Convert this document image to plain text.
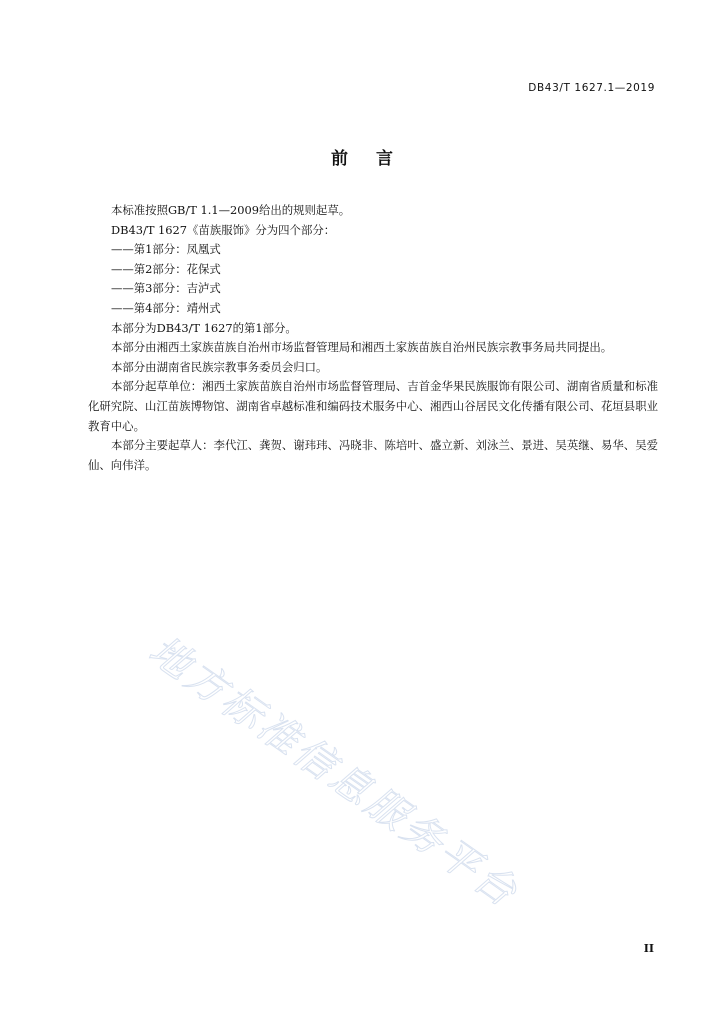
DB43/T 1627.1—2019
前言

本标准按照GB/T 1.1—2009给出的规则起草。

DB43/T 1627《苗族服饰》分为四个部分：

——第1部分：凤凰式

——第2部分：花保式

——第3部分：吉泸式

——第4部分：靖州式

本部分为DB43/T 1627的第1部分。

本部分由湘西土家族苗族自治州市场监督管理局和湘西土家族苗族自治州民族宗教事务局共同提出。

本部分由湖南省民族宗教事务委员会归口。

本部分起草单位：湘西土家族苗族自治州市场监督管理局、吉首金华果民族服饰有限公司、湖南省质量和标准化研究院、山江苗族博物馆、湖南省卓越标准和编码技术服务中心、湘西山谷居民文化传播有限公司、花垣县职业教育中心。

本部分主要起草人：李代江、龚贺、谢玮玮、冯晓非、陈培叶、盛立新、刘泳兰、景进、吴英继、易华、吴爱仙、向伟洋。

地方标准信息服务平台
II
